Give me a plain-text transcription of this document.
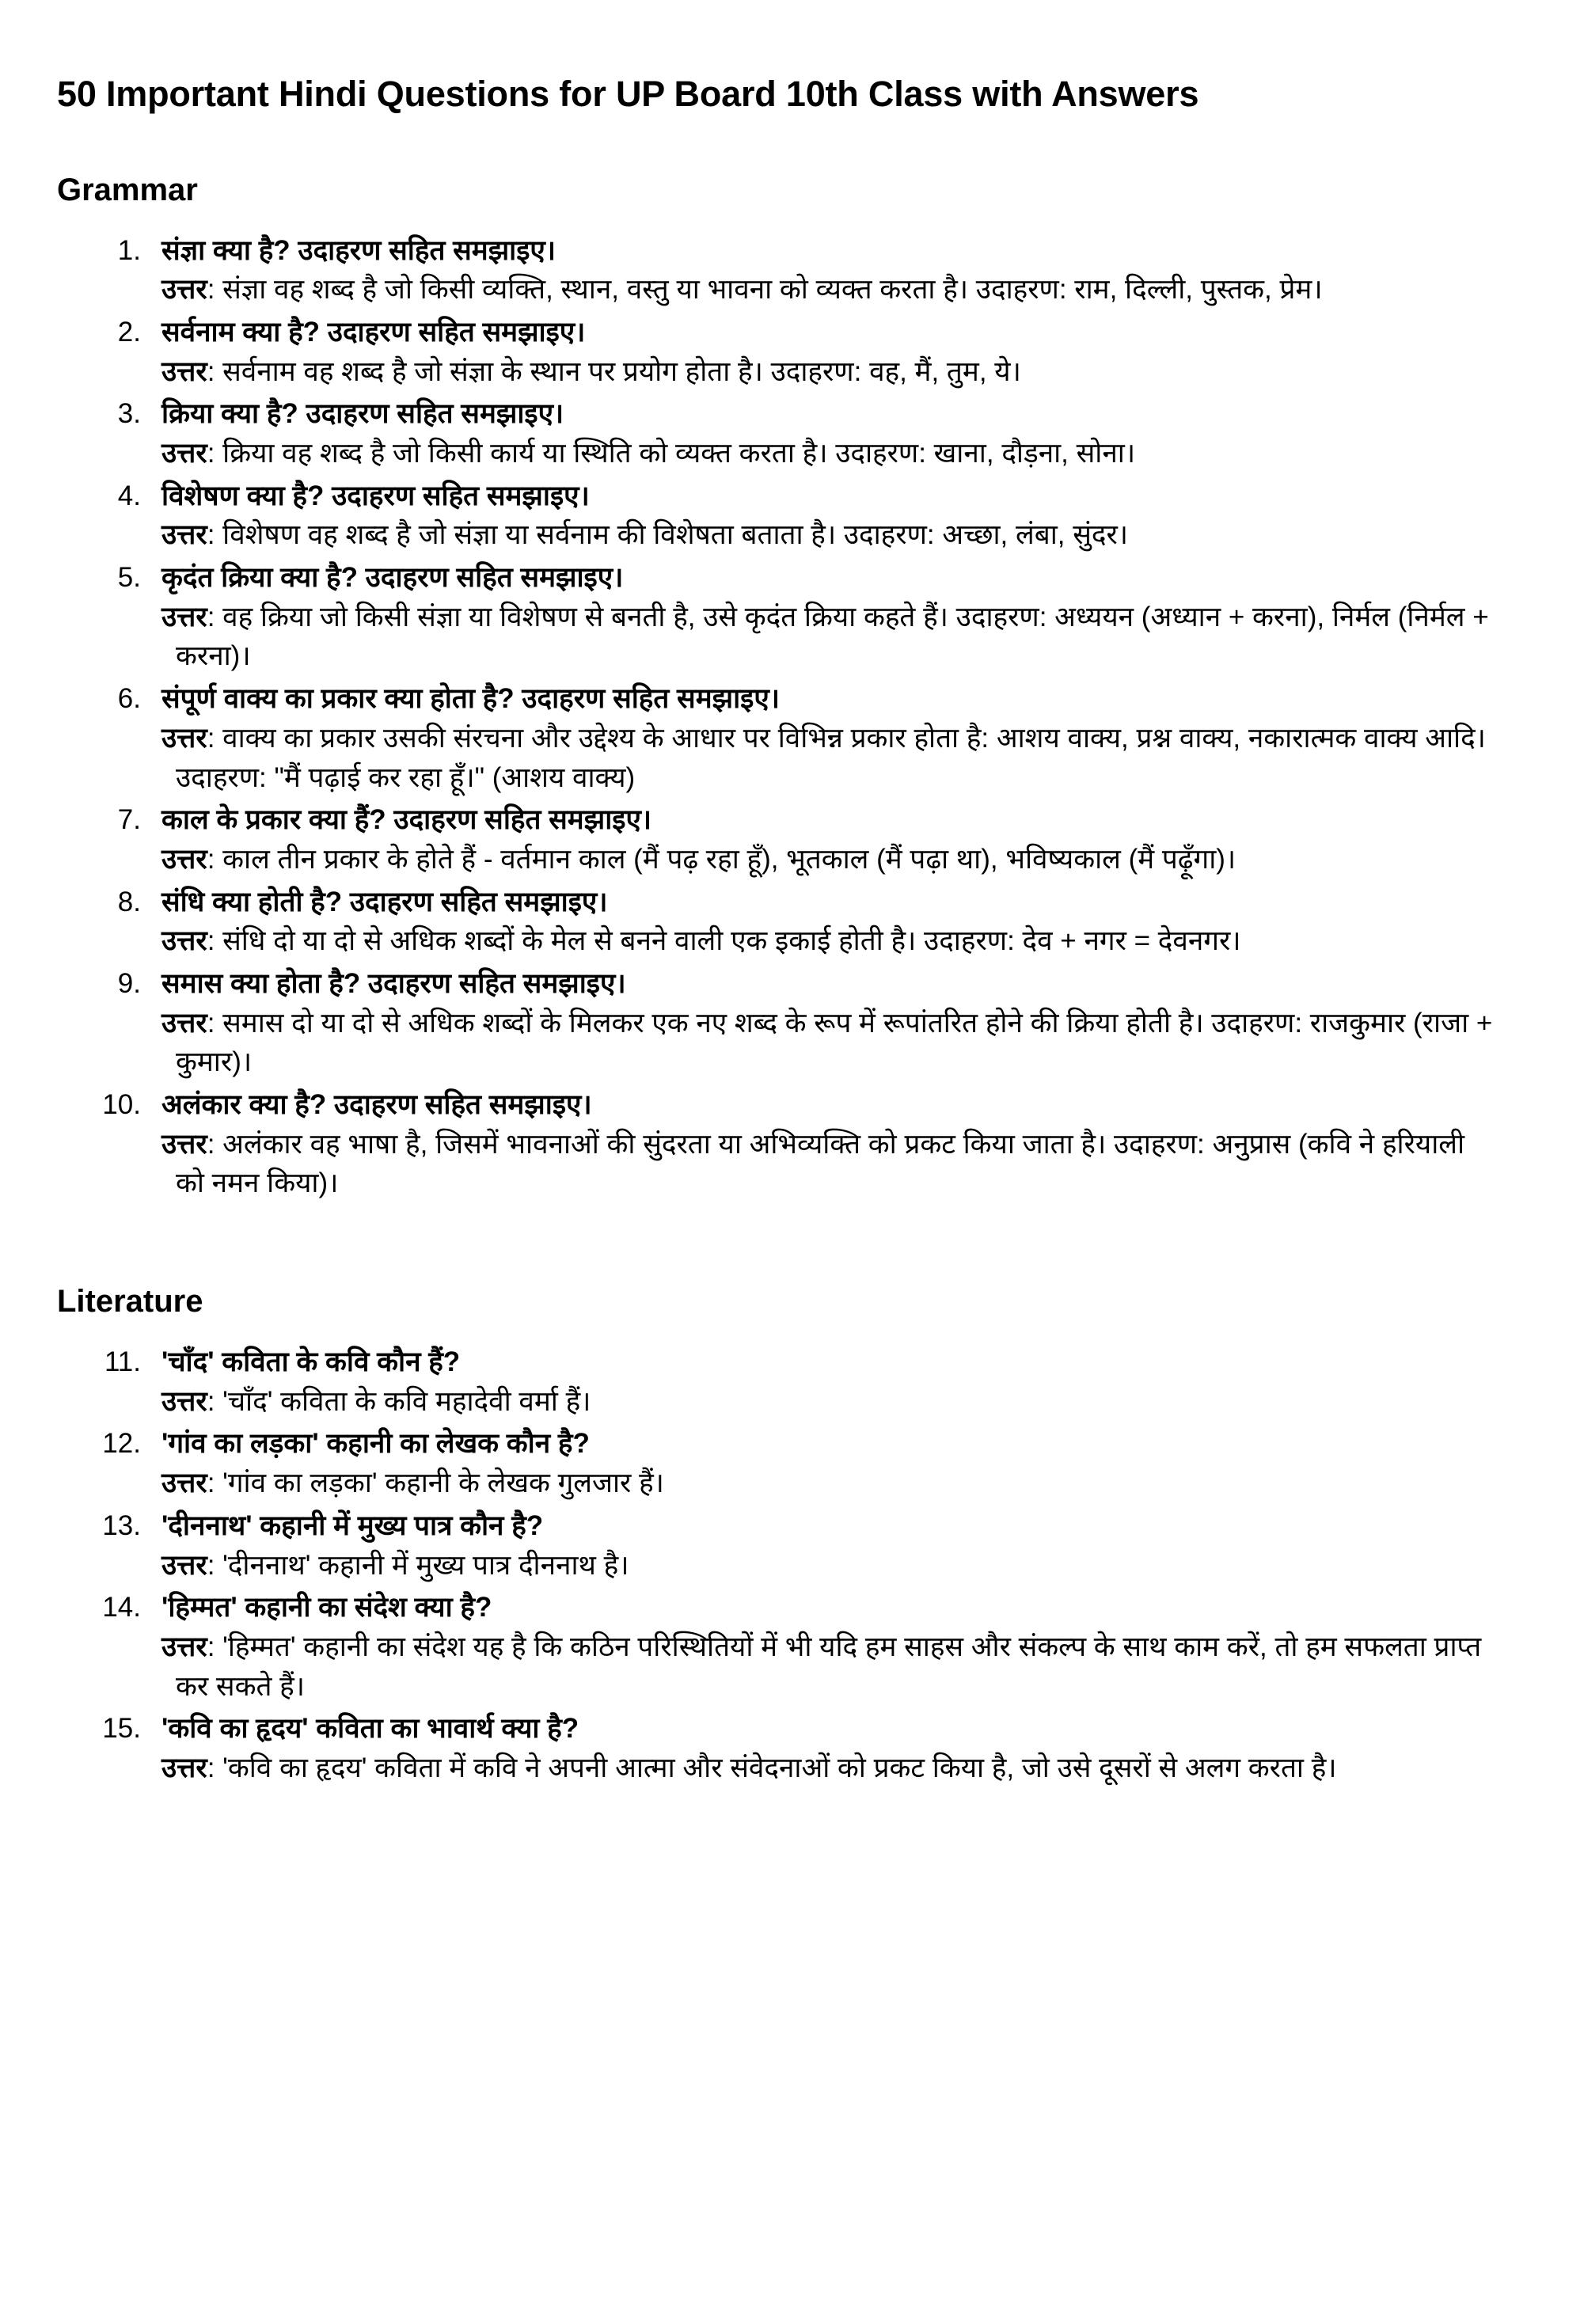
50 Important Hindi Questions for UP Board 10th Class with Answers
Grammar
1. संज्ञा क्या है? उदाहरण सहित समझाइए।

उत्तर: संज्ञा वह शब्द है जो किसी व्यक्ति, स्थान, वस्तु या भावना को व्यक्त करता है। उदाहरण: राम, दिल्ली, पुस्तक, प्रेम।

2. सर्वनाम क्या है? उदाहरण सहित समझाइए।

उत्तर: सर्वनाम वह शब्द है जो संज्ञा के स्थान पर प्रयोग होता है। उदाहरण: वह, मैं, तुम, ये।

3. क्रिया क्या है? उदाहरण सहित समझाइए।

उत्तर: क्रिया वह शब्द है जो किसी कार्य या स्थिति को व्यक्त करता है। उदाहरण: खाना, दौड़ना, सोना।

4. विशेषण क्या है? उदाहरण सहित समझाइए।

उत्तर: विशेषण वह शब्द है जो संज्ञा या सर्वनाम की विशेषता बताता है। उदाहरण: अच्छा, लंबा, सुंदर।

5. कृदंत क्रिया क्या है? उदाहरण सहित समझाइए।

उत्तर: वह क्रिया जो किसी संज्ञा या विशेषण से बनती है, उसे कृदंत क्रिया कहते हैं। उदाहरण: अध्ययन (अध्यान + करना), निर्मल (निर्मल + करना)।

6. संपूर्ण वाक्य का प्रकार क्या होता है? उदाहरण सहित समझाइए।

उत्तर: वाक्य का प्रकार उसकी संरचना और उद्देश्य के आधार पर विभिन्न प्रकार होता है: आशय वाक्य, प्रश्न वाक्य, नकारात्मक वाक्य आदि। उदाहरण: "मैं पढ़ाई कर रहा हूँ।" (आशय वाक्य)

7. काल के प्रकार क्या हैं? उदाहरण सहित समझाइए।

उत्तर: काल तीन प्रकार के होते हैं - वर्तमान काल (मैं पढ़ रहा हूँ), भूतकाल (मैं पढ़ा था), भविष्यकाल (मैं पढ़ूँगा)।

8. संधि क्या होती है? उदाहरण सहित समझाइए।

उत्तर: संधि दो या दो से अधिक शब्दों के मेल से बनने वाली एक इकाई होती है। उदाहरण: देव + नगर = देवनगर।

9. समास क्या होता है? उदाहरण सहित समझाइए।

उत्तर: समास दो या दो से अधिक शब्दों के मिलकर एक नए शब्द के रूप में रूपांतरित होने की क्रिया होती है। उदाहरण: राजकुमार (राजा + कुमार)।

10. अलंकार क्या है? उदाहरण सहित समझाइए।

उत्तर: अलंकार वह भाषा है, जिसमें भावनाओं की सुंदरता या अभिव्यक्ति को प्रकट किया जाता है। उदाहरण: अनुप्रास (कवि ने हरियाली को नमन किया)।

Literature
11. 'चाँद' कविता के कवि कौन हैं?

उत्तर: 'चाँद' कविता के कवि महादेवी वर्मा हैं।

12. 'गांव का लड़का' कहानी का लेखक कौन है?

उत्तर: 'गांव का लड़का' कहानी के लेखक गुलजार हैं।

13. 'दीननाथ' कहानी में मुख्य पात्र कौन है?

उत्तर: 'दीननाथ' कहानी में मुख्य पात्र दीननाथ है।

14. 'हिम्मत' कहानी का संदेश क्या है?

उत्तर: 'हिम्मत' कहानी का संदेश यह है कि कठिन परिस्थितियों में भी यदि हम साहस और संकल्प के साथ काम करें, तो हम सफलता प्राप्त कर सकते हैं।

15. 'कवि का हृदय' कविता का भावार्थ क्या है?

उत्तर: 'कवि का हृदय' कविता में कवि ने अपनी आत्मा और संवेदनाओं को प्रकट किया है, जो उसे दूसरों से अलग करता है।
